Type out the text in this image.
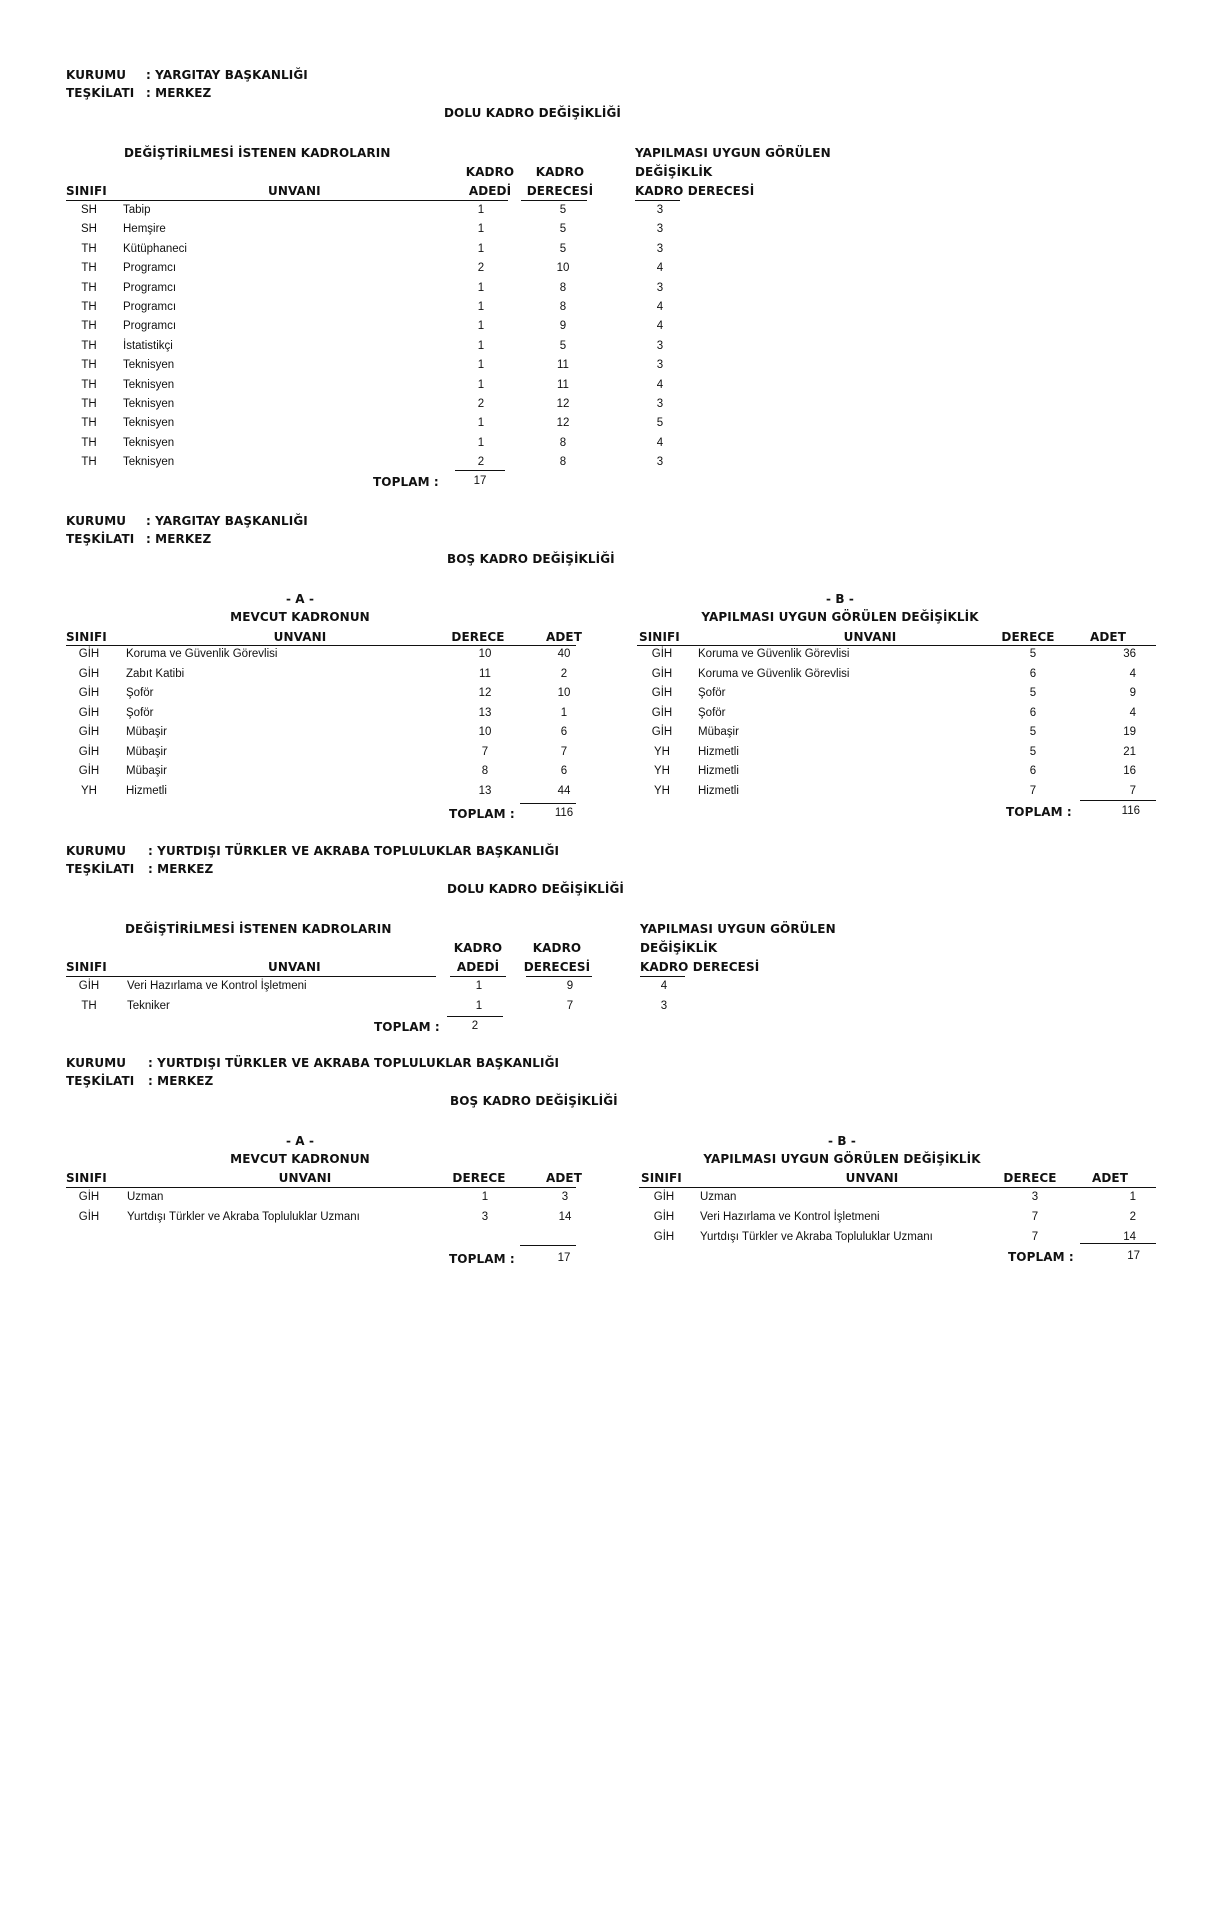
KURUMU : YARGITAY BAŞKANLIĞI
TEŞKİLATI : MERKEZ
DOLU KADRO DEĞİŞİKLİĞİ
DEĞİŞTİRİLMESİ İSTENEN KADROLARIN	YAPILMASI UYGUN GÖRÜLEN
DEĞİŞİKLİK
KADRO DERECESİ
KADRO
ADEDİ
KADRO
DERECESİ
SINIFI	UNVANI
SH	Tabip	1	5	3
SH	Hemşire	1	5	3
TH	Kütüphaneci	1	5	3
TH	Programcı	2	10	4
TH	Programcı	1	8	3
TH	Programcı	1	8	4
TH	Programcı	1	9	4
TH	İstatistikçi	1	5	3
TH	Teknisyen	1	11	3
TH	Teknisyen	1	11	4
TH	Teknisyen	2	12	3
TH	Teknisyen	1	12	5
TH	Teknisyen	1	8	4
TH	Teknisyen	2	8	3
TOPLAM :	17
KURUMU : YARGITAY BAŞKANLIĞI
TEŞKİLATI : MERKEZ
BOŞ KADRO DEĞİŞİKLİĞİ
- A -
MEVCUT KADRONUN
- B -
YAPILMASI UYGUN GÖRÜLEN DEĞİŞİKLİK
SINIFI	UNVANI	DERECE	ADET	SINIFI	UNVANI	DERECE	ADET
GİH	Koruma ve Güvenlik Görevlisi	10	40
GİH	Zabıt Katibi	11	2
GİH	Şoför	12	10
GİH	Şoför	13	1
GİH	Mübaşir	10	6
GİH	Mübaşir	7	7
GİH	Mübaşir	8	6
YH	Hizmetli	13	44
GİH	Koruma ve Güvenlik Görevlisi	5	36
GİH	Koruma ve Güvenlik Görevlisi	6	4
GİH	Şoför	5	9
GİH	Şoför	6	4
GİH	Mübaşir	5	19
YH	Hizmetli	5	21
YH	Hizmetli	6	16
YH	Hizmetli	7	7
TOPLAM :	116	TOPLAM :	116
KURUMU : YURTDIŞI TÜRKLER VE AKRABA TOPLULUKLAR BAŞKANLIĞI
TEŞKİLATI : MERKEZ
DOLU KADRO DEĞİŞİKLİĞİ
DEĞİŞTİRİLMESİ İSTENEN KADROLARIN	YAPILMASI UYGUN GÖRÜLEN
DEĞİŞİKLİK
KADRO DERECESİ
KADRO
ADEDİ
KADRO
DERECESİ
SINIFI	UNVANI
GİH	Veri Hazırlama ve Kontrol İşletmeni	1	9	4
TH	Tekniker	1	7	3
TOPLAM :	2
KURUMU : YURTDIŞI TÜRKLER VE AKRABA TOPLULUKLAR BAŞKANLIĞI
TEŞKİLATI : MERKEZ
BOŞ KADRO DEĞİŞİKLİĞİ
- A -
MEVCUT KADRONUN
- B -
YAPILMASI UYGUN GÖRÜLEN DEĞİŞİKLİK
SINIFI	UNVANI	DERECE	ADET	SINIFI	UNVANI	DERECE	ADET
GİH	Uzman	1	3
GİH	Yurtdışı Türkler ve Akraba Topluluklar Uzmanı	3	14
GİH	Uzman	3	1
GİH	Veri Hazırlama ve Kontrol İşletmeni	7	2
GİH	Yurtdışı Türkler ve Akraba Topluluklar Uzmanı	7	14
TOPLAM :	17	TOPLAM :	17
